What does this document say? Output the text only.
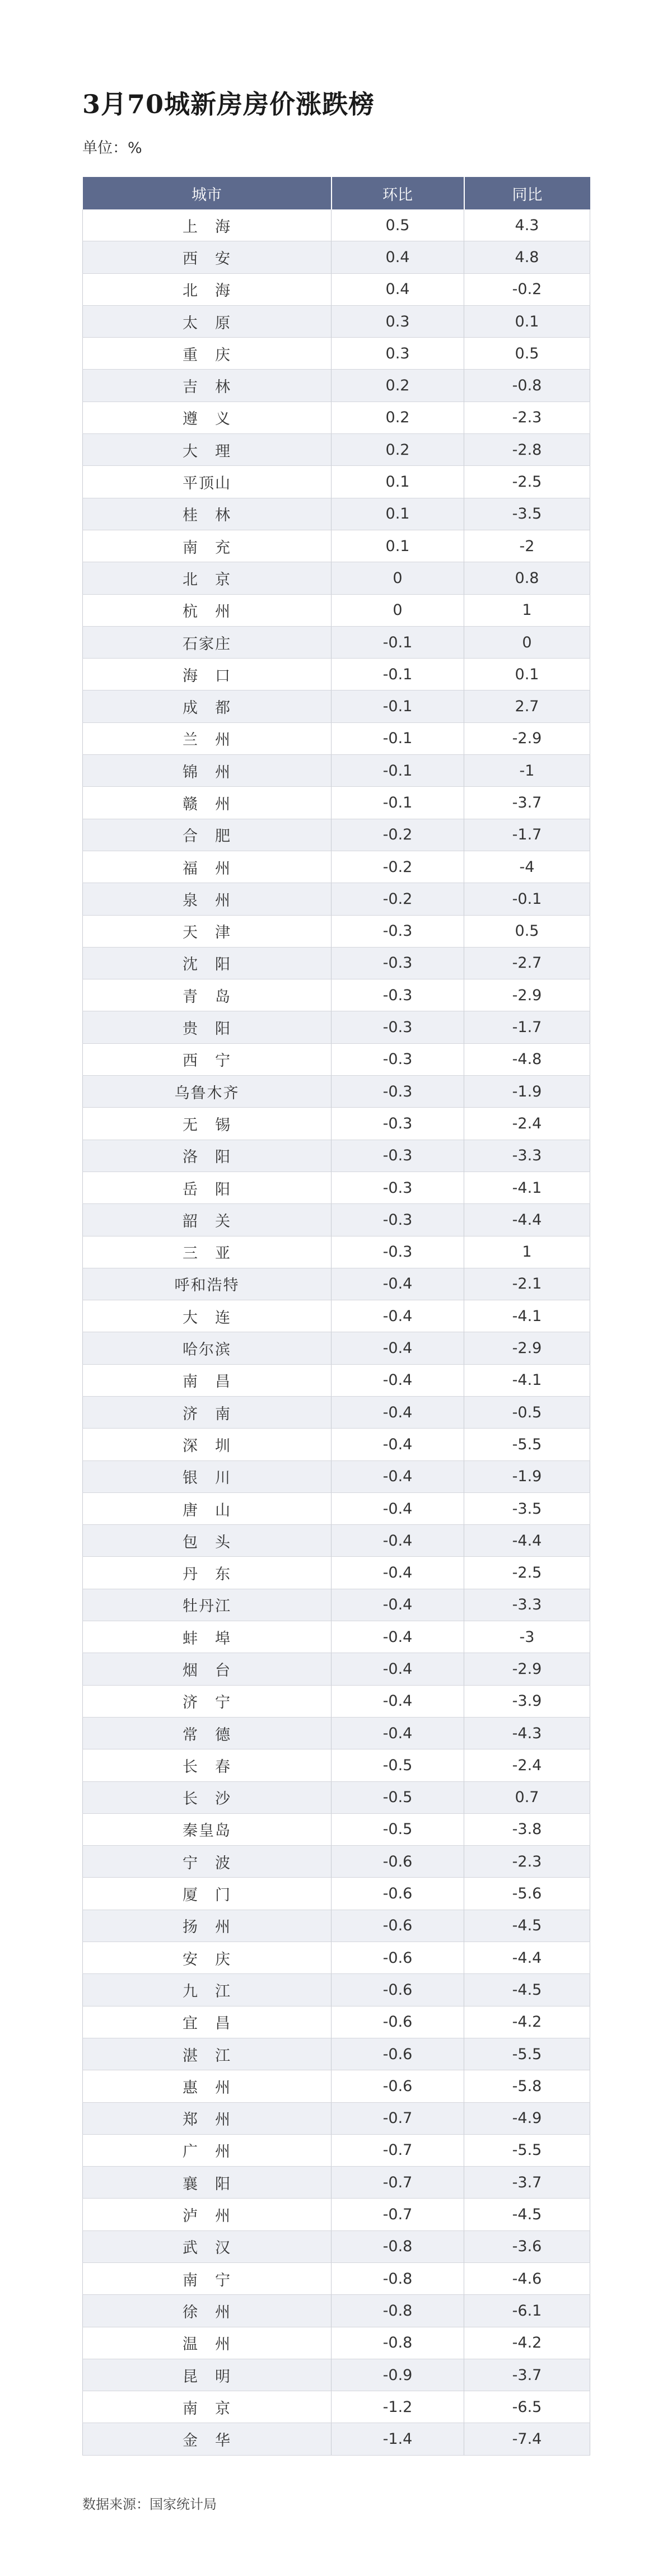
3月70城新房房价涨跌榜
单位：%
城市	环比	同比
上　海	0.5	4.3
西　安	0.4	4.8
北　海	0.4	-0.2
太　原	0.3	0.1
重　庆	0.3	0.5
吉　林	0.2	-0.8
遵　义	0.2	-2.3
大　理	0.2	-2.8
平顶山	0.1	-2.5
桂　林	0.1	-3.5
南　充	0.1	-2
北　京	0	0.8
杭　州	0	1
石家庄	-0.1	0
海　口	-0.1	0.1
成　都	-0.1	2.7
兰　州	-0.1	-2.9
锦　州	-0.1	-1
赣　州	-0.1	-3.7
合　肥	-0.2	-1.7
福　州	-0.2	-4
泉　州	-0.2	-0.1
天　津	-0.3	0.5
沈　阳	-0.3	-2.7
青　岛	-0.3	-2.9
贵　阳	-0.3	-1.7
西　宁	-0.3	-4.8
乌鲁木齐	-0.3	-1.9
无　锡	-0.3	-2.4
洛　阳	-0.3	-3.3
岳　阳	-0.3	-4.1
韶　关	-0.3	-4.4
三　亚	-0.3	1
呼和浩特	-0.4	-2.1
大　连	-0.4	-4.1
哈尔滨	-0.4	-2.9
南　昌	-0.4	-4.1
济　南	-0.4	-0.5
深　圳	-0.4	-5.5
银　川	-0.4	-1.9
唐　山	-0.4	-3.5
包　头	-0.4	-4.4
丹　东	-0.4	-2.5
牡丹江	-0.4	-3.3
蚌　埠	-0.4	-3
烟　台	-0.4	-2.9
济　宁	-0.4	-3.9
常　德	-0.4	-4.3
长　春	-0.5	-2.4
长　沙	-0.5	0.7
秦皇岛	-0.5	-3.8
宁　波	-0.6	-2.3
厦　门	-0.6	-5.6
扬　州	-0.6	-4.5
安　庆	-0.6	-4.4
九　江	-0.6	-4.5
宜　昌	-0.6	-4.2
湛　江	-0.6	-5.5
惠　州	-0.6	-5.8
郑　州	-0.7	-4.9
广　州	-0.7	-5.5
襄　阳	-0.7	-3.7
泸　州	-0.7	-4.5
武　汉	-0.8	-3.6
南　宁	-0.8	-4.6
徐　州	-0.8	-6.1
温　州	-0.8	-4.2
昆　明	-0.9	-3.7
南　京	-1.2	-6.5
金　华	-1.4	-7.4
数据来源：国家统计局
